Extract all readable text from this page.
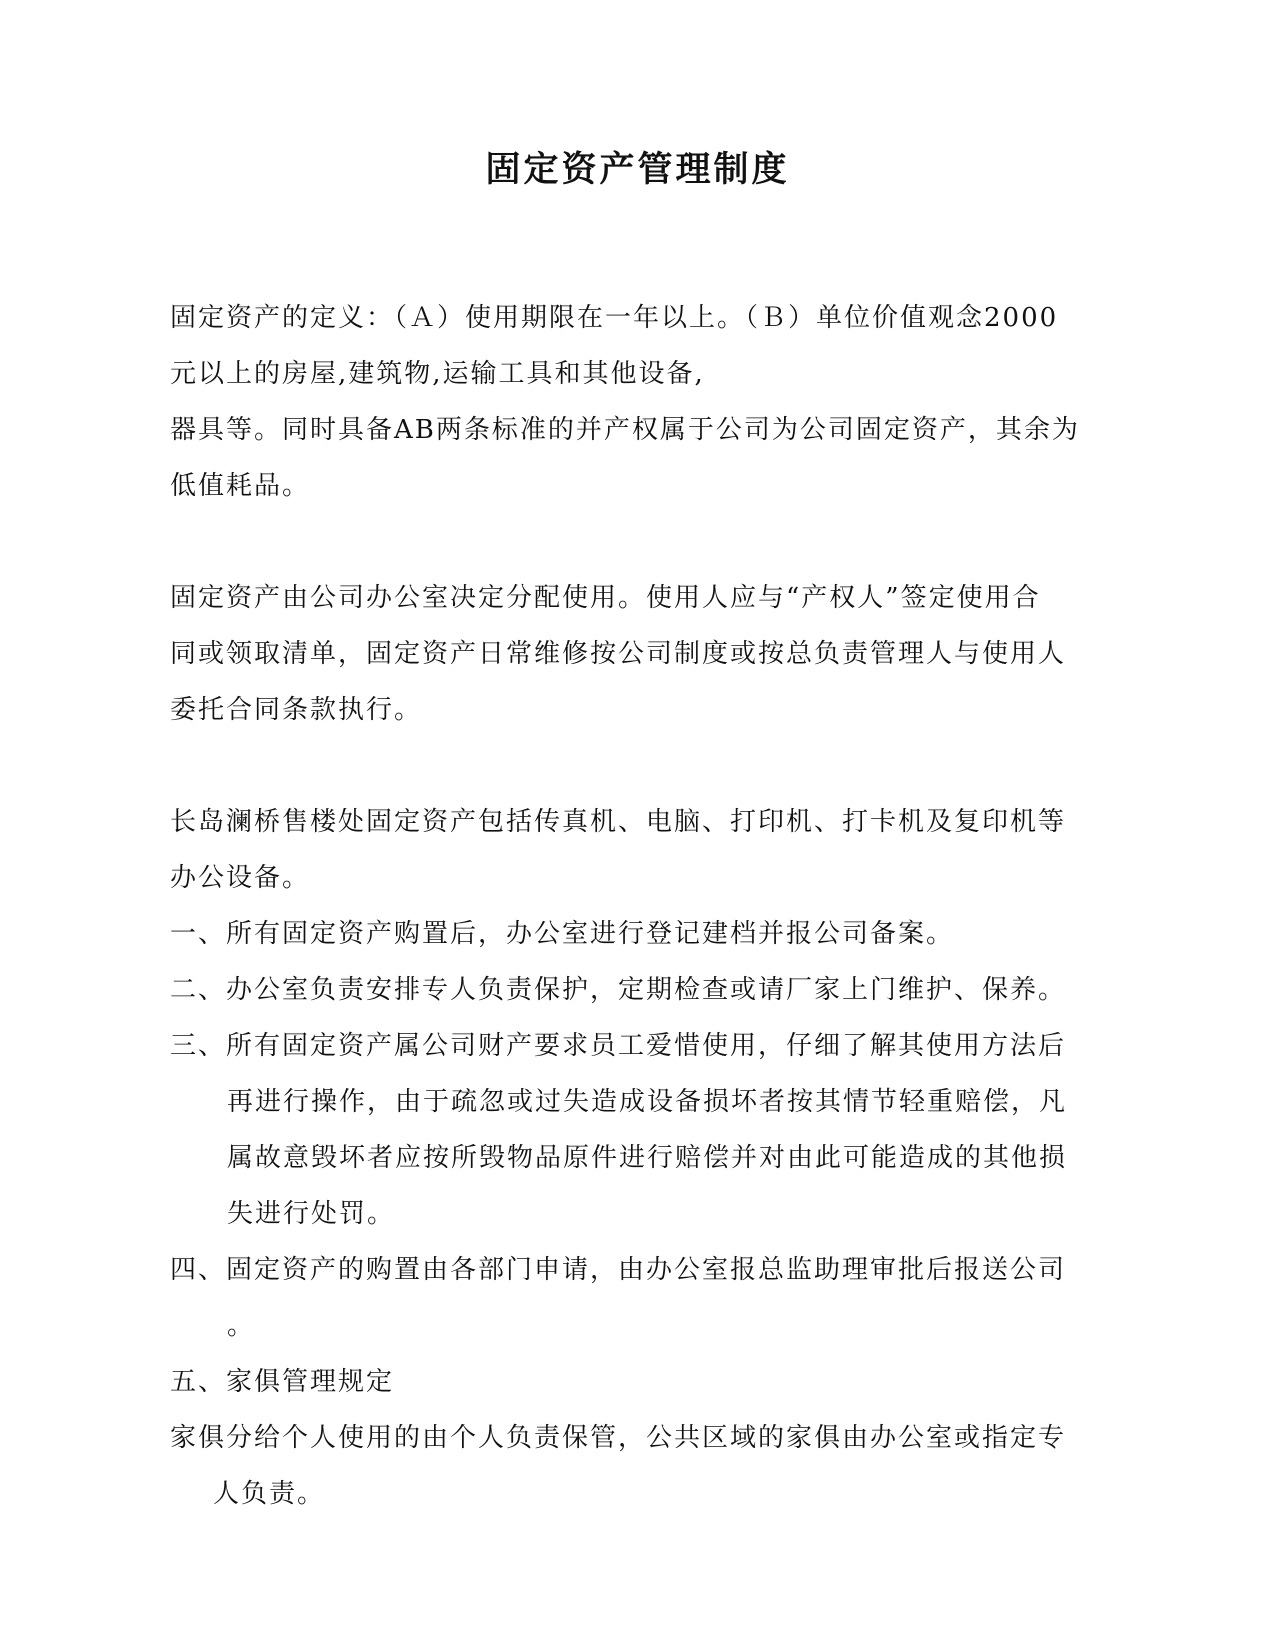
固定资产管理制度
固定资产的定义：（Ａ）使用期限在一年以上。（Ｂ）单位价值观念2000
元以上的房屋,建筑物,运输工具和其他设备,
器具等。同时具备AB两条标准的并产权属于公司为公司固定资产，其余为
低值耗品。
固定资产由公司办公室决定分配使用。使用人应与“产权人”签定使用合
同或领取清单，固定资产日常维修按公司制度或按总负责管理人与使用人
委托合同条款执行。
长岛澜桥售楼处固定资产包括传真机、电脑、打印机、打卡机及复印机等
办公设备。
一、所有固定资产购置后，办公室进行登记建档并报公司备案。
二、办公室负责安排专人负责保护，定期检查或请厂家上门维护、保养。
三、所有固定资产属公司财产要求员工爱惜使用，仔细了解其使用方法后
再进行操作，由于疏忽或过失造成设备损坏者按其情节轻重赔偿，凡
属故意毁坏者应按所毁物品原件进行赔偿并对由此可能造成的其他损
失进行处罚。
四、固定资产的购置由各部门申请，由办公室报总监助理审批后报送公司
。
五、家俱管理规定
家俱分给个人使用的由个人负责保管，公共区域的家俱由办公室或指定专
人负责。
